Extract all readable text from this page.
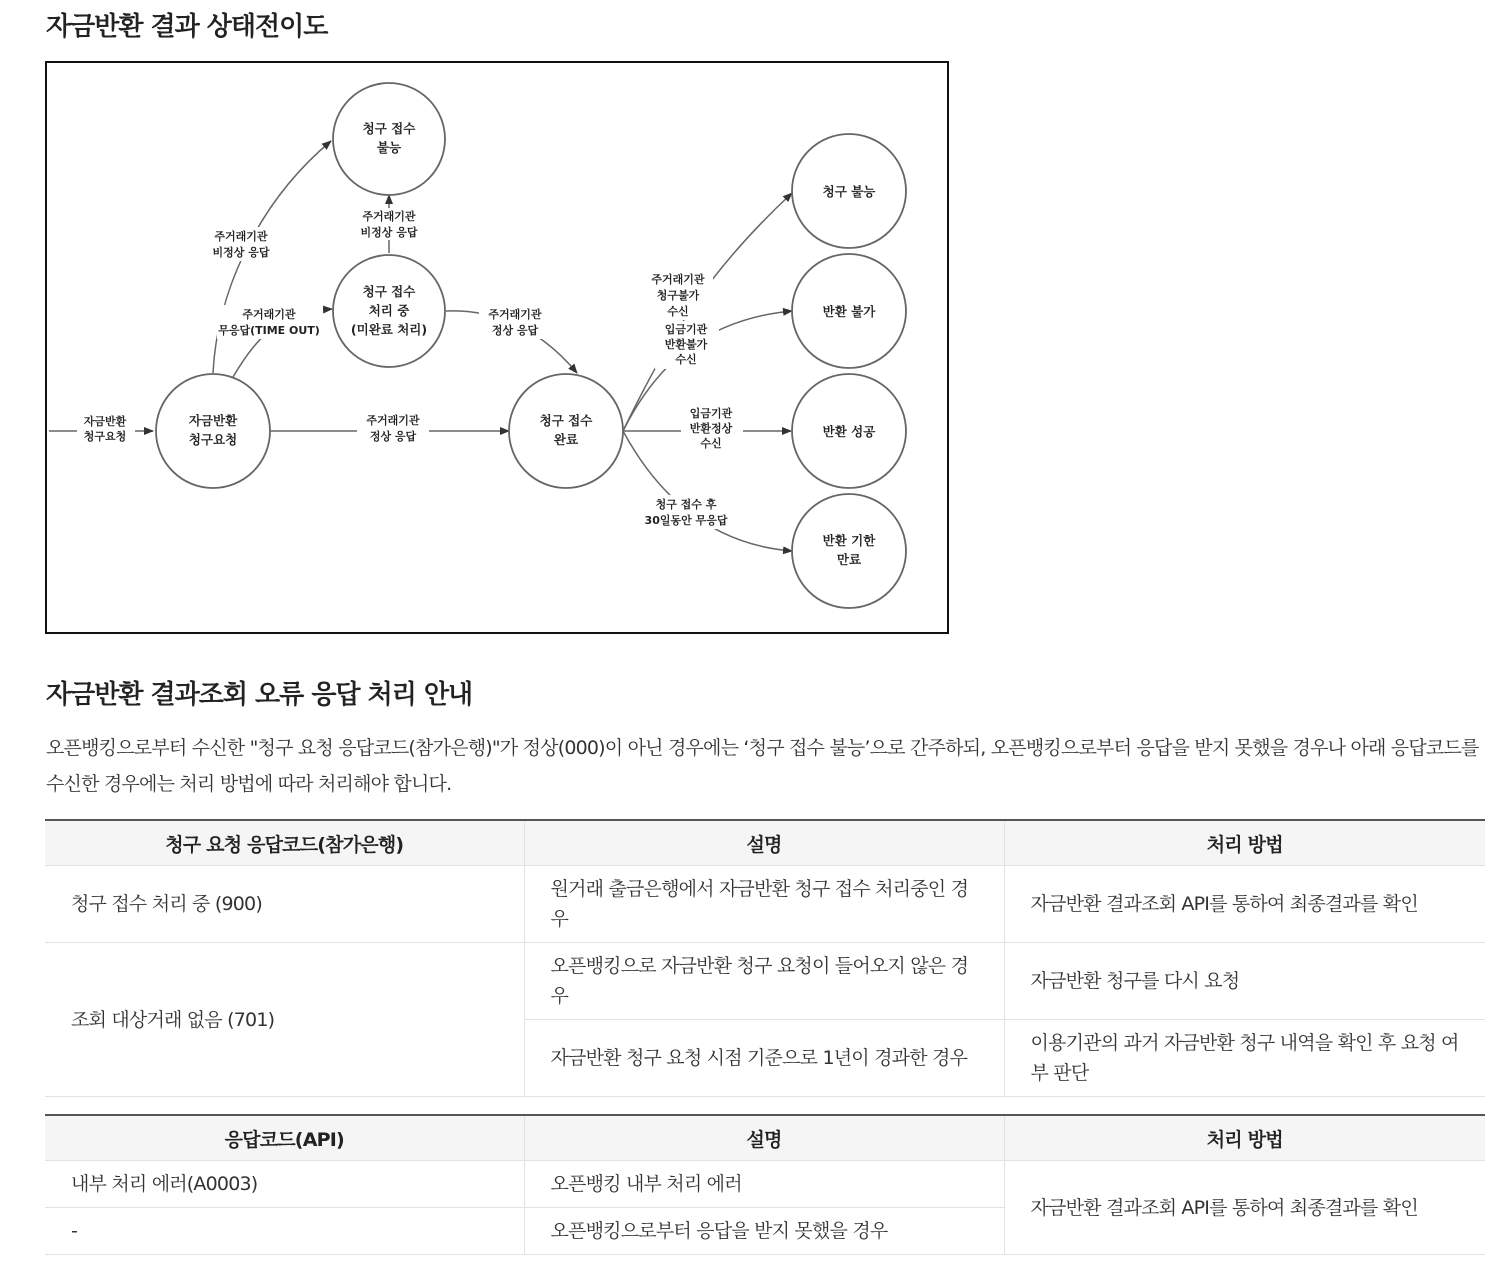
자금반환 결과 상태전이도
자금반환
청구요청
청구 접수
불능
청구 접수
처리 중
(미완료 처리)
청구 접수
완료
청구 불능
반환 불가
반환 성공
반환 기한
만료
자금반환
청구요청
주거래기관
비정상 응답
주거래기관
비정상 응답
주거래기관
무응답(TIME OUT)
주거래기관
정상 응답
주거래기관
정상 응답
주거래기관
청구불가
수신
입금기관
반환불가
수신
입금기관
반환정상
수신
청구 접수 후
30일동안 무응답
자금반환 결과조회 오류 응답 처리 안내

오픈뱅킹으로부터 수신한 "청구 요청 응답코드(참가은행)"가 정상(000)이 아닌 경우에는 ‘청구 접수 불능’으로 간주하되, 오픈뱅킹으로부터 응답을 받지 못했을 경우나 아래 응답코드를 수신한 경우에는 처리 방법에 따라 처리해야 합니다.

청구 요청 응답코드(참가은행)	설명	처리 방법
청구 접수 처리 중 (900)	원거래 출금은행에서 자금반환 청구 접수 처리중인 경우	자금반환 결과조회 API를 통하여 최종결과를 확인
조회 대상거래 없음 (701)	오픈뱅킹으로 자금반환 청구 요청이 들어오지 않은 경우	자금반환 청구를 다시 요청
	자금반환 청구 요청 시점 기준으로 1년이 경과한 경우	이용기관의 과거 자금반환 청구 내역을 확인 후 요청 여부 판단
응답코드(API)	설명	처리 방법
내부 처리 에러(A0003)	오픈뱅킹 내부 처리 에러	자금반환 결과조회 API를 통하여 최종결과를 확인
-	오픈뱅킹으로부터 응답을 받지 못했을 경우	
